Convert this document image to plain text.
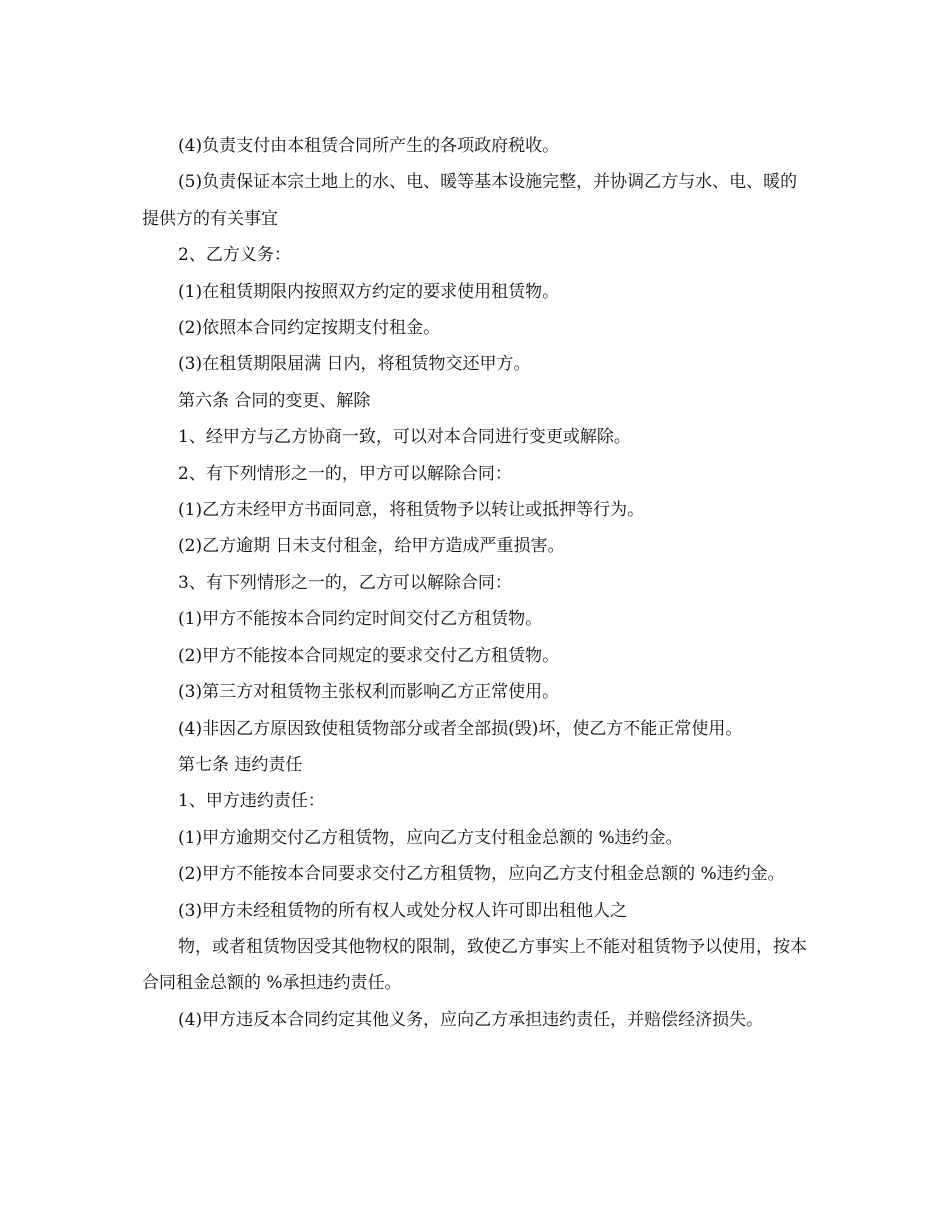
(4)负责支付由本租赁合同所产生的各项政府税收。

(5)负责保证本宗土地上的水、电、暖等基本设施完整，并协调乙方与水、电、暖的提供方的有关事宜

2、乙方义务：

(1)在租赁期限内按照双方约定的要求使用租赁物。

(2)依照本合同约定按期支付租金。

(3)在租赁期限届满 日内，将租赁物交还甲方。

第六条 合同的变更、解除

1、经甲方与乙方协商一致，可以对本合同进行变更或解除。

2、有下列情形之一的，甲方可以解除合同：

(1)乙方未经甲方书面同意，将租赁物予以转让或抵押等行为。

(2)乙方逾期 日未支付租金，给甲方造成严重损害。

3、有下列情形之一的，乙方可以解除合同：

(1)甲方不能按本合同约定时间交付乙方租赁物。

(2)甲方不能按本合同规定的要求交付乙方租赁物。

(3)第三方对租赁物主张权利而影响乙方正常使用。

(4)非因乙方原因致使租赁物部分或者全部损(毁)坏，使乙方不能正常使用。

第七条 违约责任

1、甲方违约责任：

(1)甲方逾期交付乙方租赁物，应向乙方支付租金总额的 %违约金。

(2)甲方不能按本合同要求交付乙方租赁物，应向乙方支付租金总额的 %违约金。

(3)甲方未经租赁物的所有权人或处分权人许可即出租他人之

物，或者租赁物因受其他物权的限制，致使乙方事实上不能对租赁物予以使用，按本合同租金总额的 %承担违约责任。

(4)甲方违反本合同约定其他义务，应向乙方承担违约责任，并赔偿经济损失。
